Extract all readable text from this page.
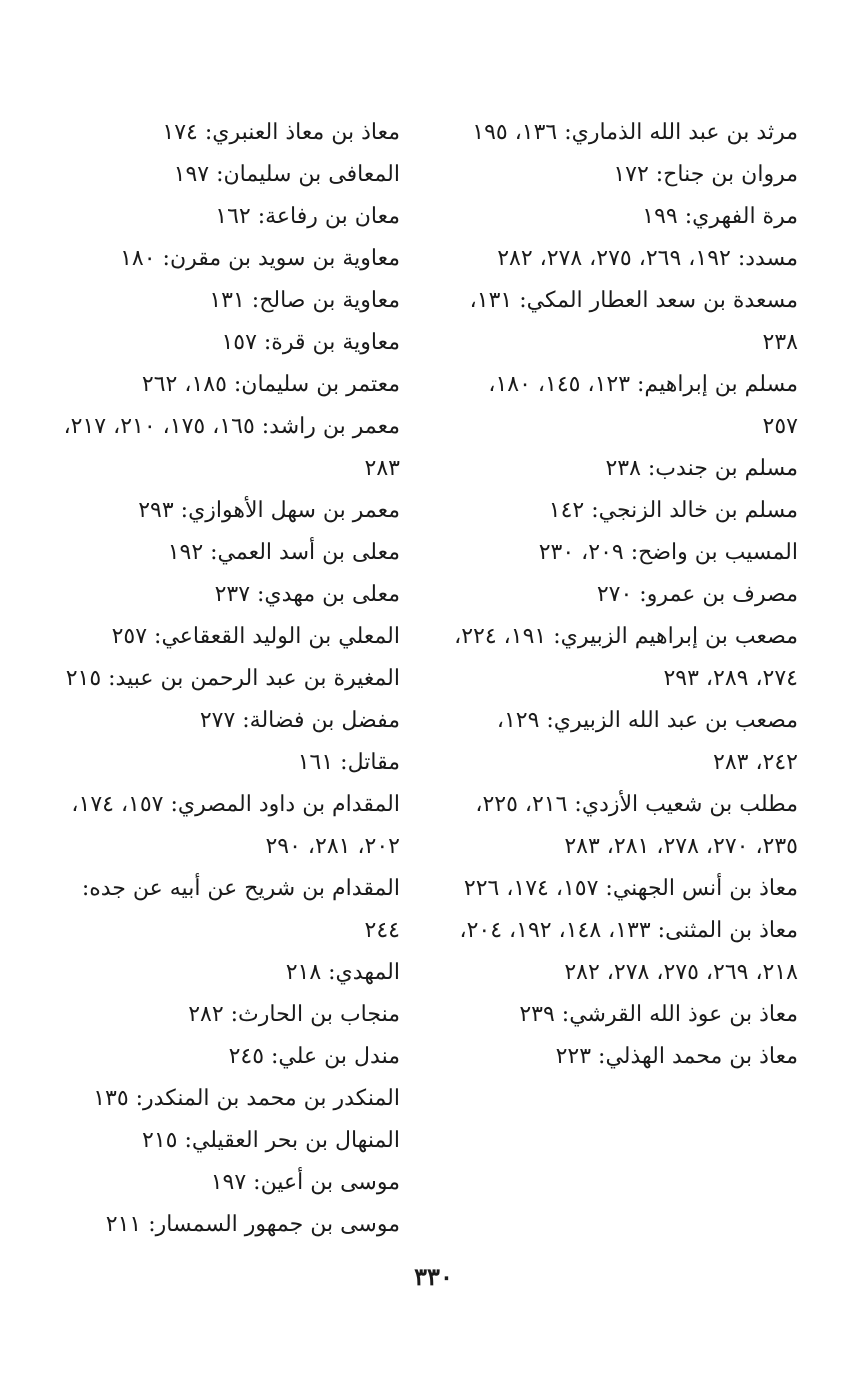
مرثد بن عبد الله الذماري: ١٣٦، ١٩٥

مروان بن جناح: ١٧٢

مرة الفهري: ١٩٩

مسدد: ١٩٢، ٢٦٩، ٢٧٥، ٢٧٨، ٢٨٢

مسعدة بن سعد العطار المكي: ١٣١، ٢٣٨

مسلم بن إبراهيم: ١٢٣، ١٤٥، ١٨٠، ٢٥٧

مسلم بن جندب: ٢٣٨

مسلم بن خالد الزنجي: ١٤٢

المسيب بن واضح: ٢٠٩، ٢٣٠

مصرف بن عمرو: ٢٧٠

مصعب بن إبراهيم الزبيري: ١٩١، ٢٢٤، ٢٧٤، ٢٨٩، ٢٩٣

مصعب بن عبد الله الزبيري: ١٢٩، ٢٤٢، ٢٨٣

مطلب بن شعيب الأزدي: ٢١٦، ٢٢٥، ٢٣٥، ٢٧٠، ٢٧٨، ٢٨١، ٢٨٣

معاذ بن أنس الجهني: ١٥٧، ١٧٤، ٢٢٦

معاذ بن المثنى: ١٣٣، ١٤٨، ١٩٢، ٢٠٤، ٢١٨، ٢٦٩، ٢٧٥، ٢٧٨، ٢٨٢

معاذ بن عوذ الله القرشي: ٢٣٩

معاذ بن محمد الهذلي: ٢٢٣

معاذ بن معاذ العنبري: ١٧٤

المعافى بن سليمان: ١٩٧

معان بن رفاعة: ١٦٢

معاوية بن سويد بن مقرن: ١٨٠

معاوية بن صالح: ١٣١

معاوية بن قرة: ١٥٧

معتمر بن سليمان: ١٨٥، ٢٦٢

معمر بن راشد: ١٦٥، ١٧٥، ٢١٠، ٢١٧، ٢٨٣

معمر بن سهل الأهوازي: ٢٩٣

معلى بن أسد العمي: ١٩٢

معلى بن مهدي: ٢٣٧

المعلي بن الوليد القعقاعي: ٢٥٧

المغيرة بن عبد الرحمن بن عبيد: ٢١٥

مفضل بن فضالة: ٢٧٧

مقاتل: ١٦١

المقدام بن داود المصري: ١٥٧، ١٧٤، ٢٠٢، ٢٨١، ٢٩٠

المقدام بن شريح عن أبيه عن جده: ٢٤٤

المهدي: ٢١٨

منجاب بن الحارث: ٢٨٢

مندل بن علي: ٢٤٥

المنكدر بن محمد بن المنكدر: ١٣٥

المنهال بن بحر العقيلي: ٢١٥

موسى بن أعين: ١٩٧

موسى بن جمهور السمسار: ٢١١

٣٣٠
